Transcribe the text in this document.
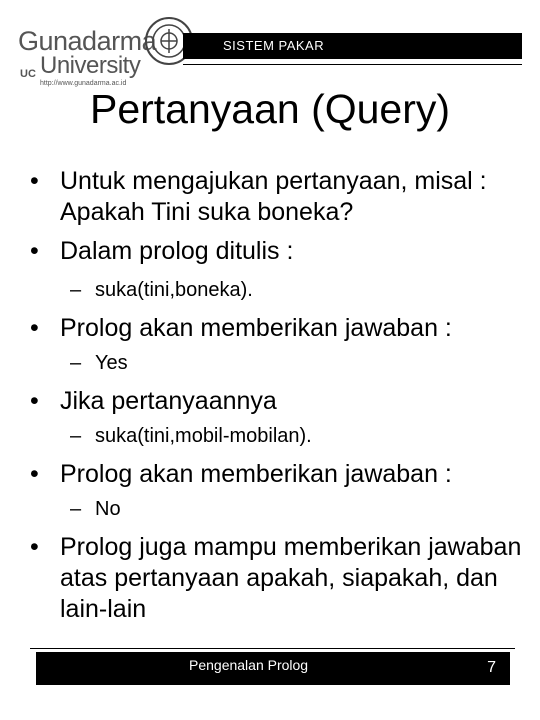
Gunadarma
UC University
http://www.gunadarma.ac.id
SISTEM PAKAR
Pertanyaan (Query)
• Untuk mengajukan pertanyaan, misal : Apakah Tini suka boneka?
• Dalam prolog ditulis :
– suka(tini,boneka).
• Prolog akan memberikan jawaban :
– Yes
• Jika pertanyaannya
– suka(tini,mobil-mobilan).
• Prolog akan memberikan jawaban :
– No
• Prolog juga mampu memberikan jawaban atas pertanyaan apakah, siapakah, dan lain-lain
Pengenalan Prolog	7
